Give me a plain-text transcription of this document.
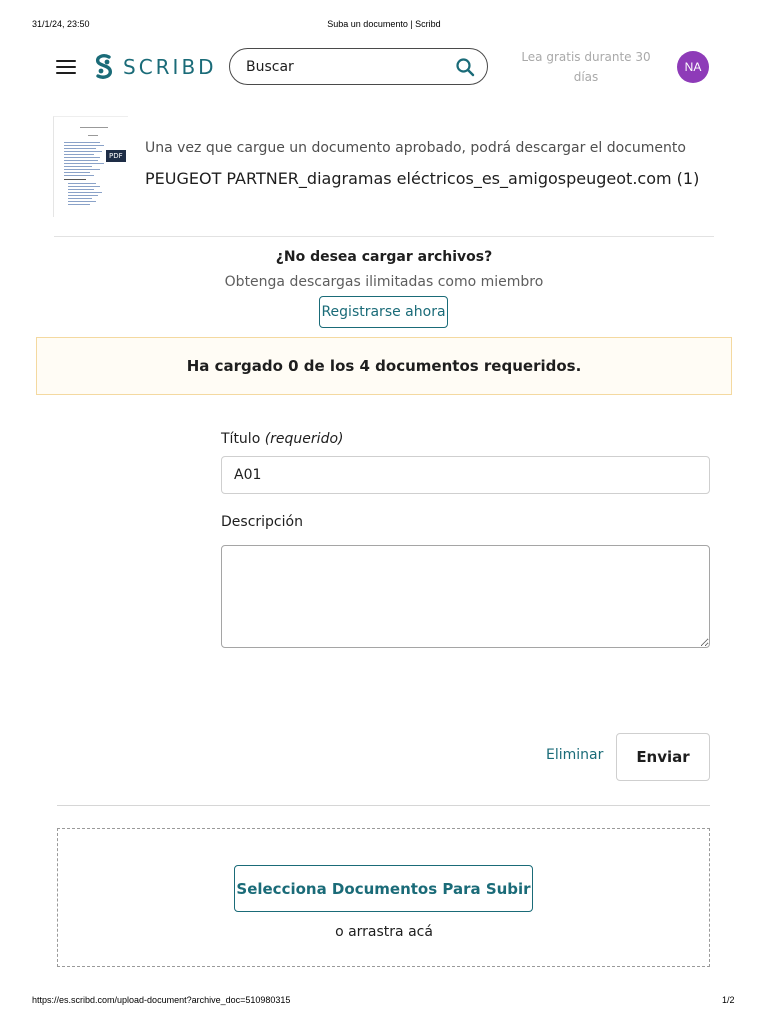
31/1/24, 23:50	Suba un documento | Scribd
https://es.scribd.com/upload-document?archive_doc=510980315	1/2
SCRIBD
Buscar	Lea gratis durante 30
días
NA
PDF Una vez que cargue un documento aprobado, podrá descargar el documento
PEUGEOT PARTNER_diagramas eléctricos_es_amigospeugeot.com (1)
¿No desea cargar archivos?
Obtenga descargas ilimitadas como miembro
Registrarse ahora
Ha cargado 0 de los 4 documentos requeridos.
Título (requerido)
A01
Descripción
Eliminar	Enviar
Selecciona Documentos Para Subir
o arrastra acá
